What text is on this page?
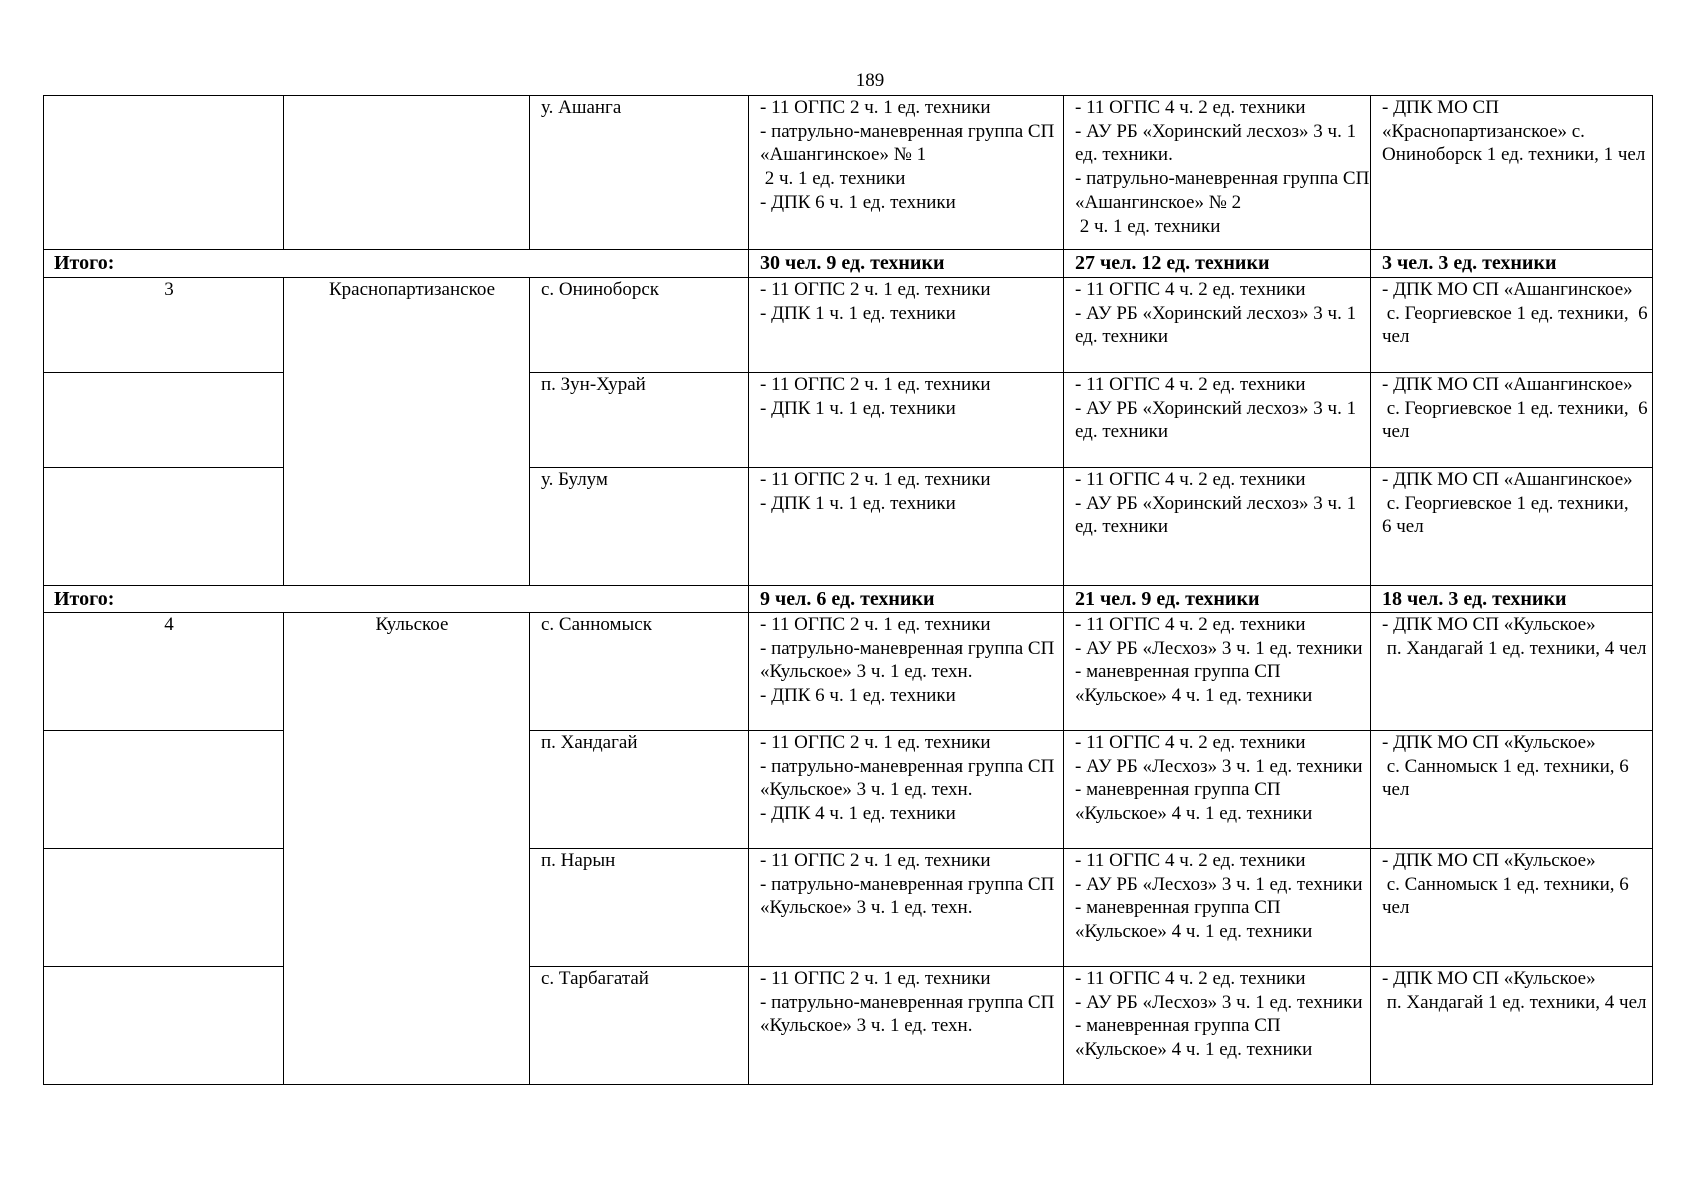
189
		у. Ашанга	- 11 ОГПС 2 ч. 1 ед. техники
- патрульно-маневренная группа СП «Ашангинское» № 1
2 ч. 1 ед. техники
- ДПК 6 ч. 1 ед. техники	- 11 ОГПС 4 ч. 2 ед. техники
- АУ РБ «Хоринский лесхоз» 3 ч. 1 ед. техники.
- патрульно-маневренная группа СП «Ашангинское» № 2
2 ч. 1 ед. техники	- ДПК МО СП «Краснопартизанское» с. Онинoборск 1 ед. техники, 1 чел
Итого:			30 чел. 9 ед. техники	27 чел. 12 ед. техники	3 чел. 3 ед. техники
3	Краснопартизанское	с. Онинoборск	- 11 ОГПС 2 ч. 1 ед. техники
- ДПК 1 ч. 1 ед. техники	- 11 ОГПС 4 ч. 2 ед. техники
- АУ РБ «Хоринский лесхоз» 3 ч. 1 ед. техники	- ДПК МО СП «Ашангинское»
с. Георгиевское 1 ед. техники,  6 чел
		п. Зун-Хурай	- 11 ОГПС 2 ч. 1 ед. техники
- ДПК 1 ч. 1 ед. техники	- 11 ОГПС 4 ч. 2 ед. техники
- АУ РБ «Хоринский лесхоз» 3 ч. 1 ед. техники	- ДПК МО СП «Ашангинское»
с. Георгиевское 1 ед. техники,  6 чел
		у. Булум	- 11 ОГПС 2 ч. 1 ед. техники
- ДПК 1 ч. 1 ед. техники	- 11 ОГПС 4 ч. 2 ед. техники
- АУ РБ «Хоринский лесхоз» 3 ч. 1 ед. техники	- ДПК МО СП «Ашангинское»
с. Георгиевское 1 ед. техники,
6 чел
Итого:			9 чел. 6 ед. техники	21 чел. 9 ед. техники	18 чел. 3 ед. техники
4	Кульское	с. Санномыск	- 11 ОГПС 2 ч. 1 ед. техники
- патрульно-маневренная группа СП «Кульское» 3 ч. 1 ед. техн.
- ДПК 6 ч. 1 ед. техники	- 11 ОГПС 4 ч. 2 ед. техники
- АУ РБ «Лесхоз» 3 ч. 1 ед. техники
- маневренная группа СП «Кульское» 4 ч. 1 ед. техники	- ДПК МО СП «Кульское»
п. Хандагай 1 ед. техники, 4 чел
		п. Хандагай	- 11 ОГПС 2 ч. 1 ед. техники
- патрульно-маневренная группа СП «Кульское» 3 ч. 1 ед. техн.
- ДПК 4 ч. 1 ед. техники	- 11 ОГПС 4 ч. 2 ед. техники
- АУ РБ «Лесхоз» 3 ч. 1 ед. техники
- маневренная группа СП «Кульское» 4 ч. 1 ед. техники	- ДПК МО СП «Кульское»
с. Санномыск 1 ед. техники, 6 чел
		п. Нарын	- 11 ОГПС 2 ч. 1 ед. техники
- патрульно-маневренная группа СП «Кульское» 3 ч. 1 ед. техн.	- 11 ОГПС 4 ч. 2 ед. техники
- АУ РБ «Лесхоз» 3 ч. 1 ед. техники
- маневренная группа СП «Кульское» 4 ч. 1 ед. техники	- ДПК МО СП «Кульское»
с. Санномыск 1 ед. техники, 6 чел
		с. Тарбагатай	- 11 ОГПС 2 ч. 1 ед. техники
- патрульно-маневренная группа СП «Кульское» 3 ч. 1 ед. техн.	- 11 ОГПС 4 ч. 2 ед. техники
- АУ РБ «Лесхоз» 3 ч. 1 ед. техники
- маневренная группа СП «Кульское» 4 ч. 1 ед. техники	- ДПК МО СП «Кульское»
п. Хандагай 1 ед. техники, 4 чел
